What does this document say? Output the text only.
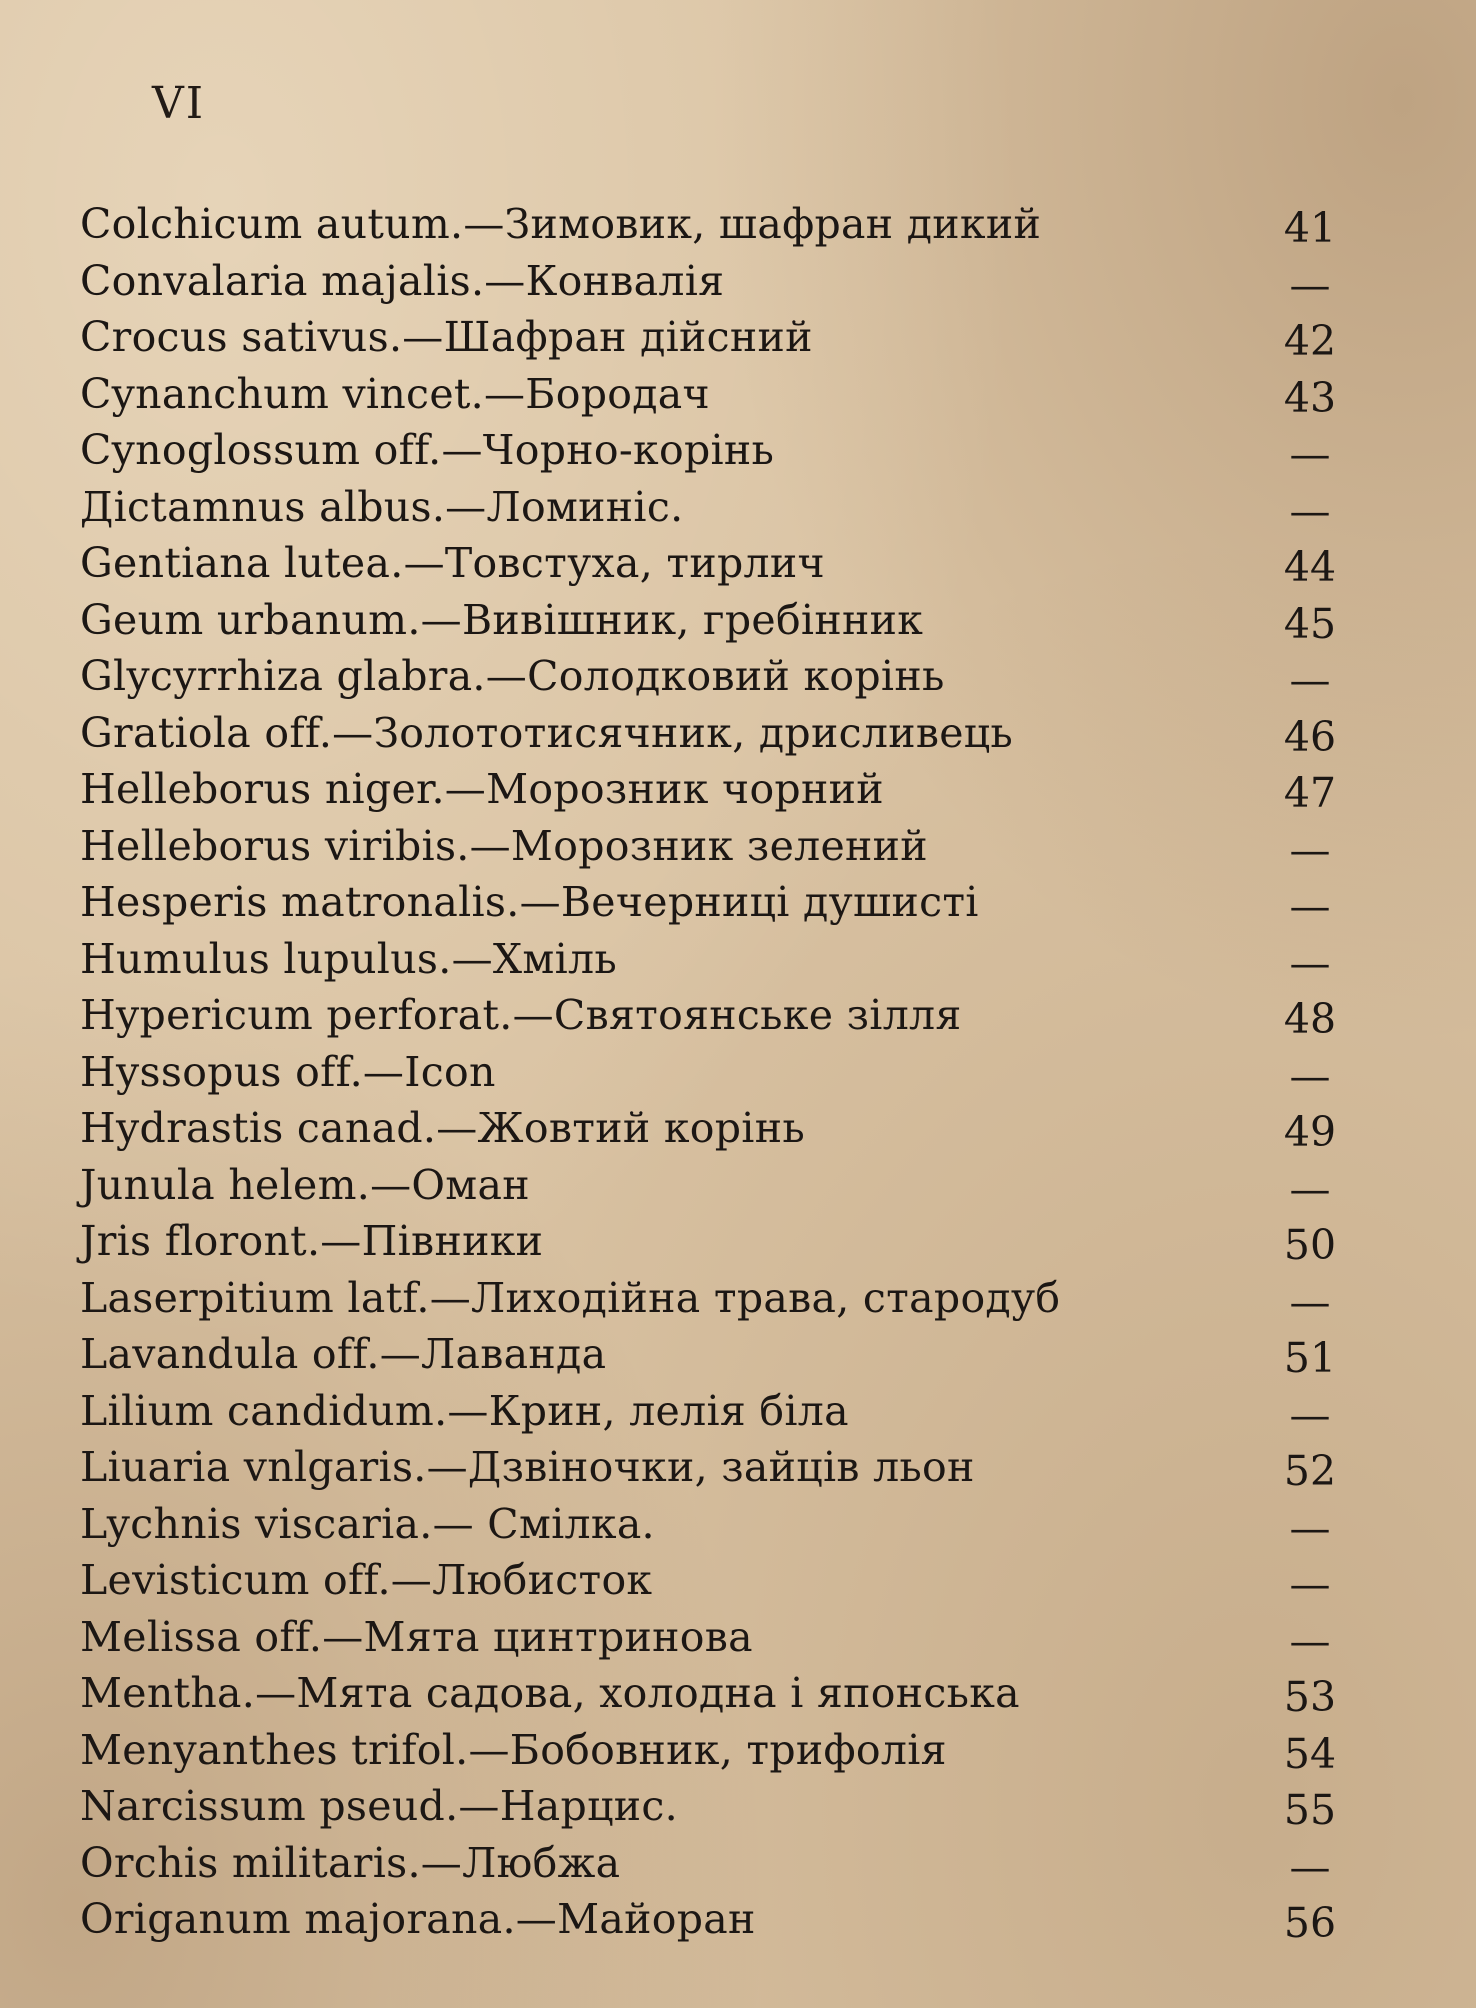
VI
Colchicum autum.—Зимовик, шафран дикий	41
Convalaria majalis.—Конвалія	—
Crocus sativus.—Шафран дійсний	42
Cynanchum vincet.—Бородач	43
Cynoglossum off.—Чорно-корінь	—
Дictamnus albus.—Ломиніс.	—
Gentiana lutea.—Товстуха, тирлич	44
Geum urbanum.—Вивішник, гребінник	45
Glycyrrhiza glabra.—Солодковий корінь	—
Gratiola off.—Золототисячник, дрисливець	46
Helleborus niger.—Морозник чорний	47
Helleborus viribis.—Морозник зелений	—
Hesperis matronalis.—Вечерниці душисті	—
Humulus lupulus.—Хміль	—
Hypericum perforat.—Святоянське зілля	48
Hyssopus off.—Icon	—
Hydrastis canad.—Жовтий корінь	49
Junula helem.—Оман	—
Jris floront.—Півники	50
Laserpitium latf.—Лиходійна трава, стародуб	—
Lavandula off.—Лаванда	51
Lilium candidum.—Крин, лелія біла	—
Liuaria vnlgaris.—Дзвіночки, зайців льон	52
Lychnis viscaria.— Смілка.	—
Levisticum off.—Любисток	—
Melissa off.—Мята цинтринова	—
Mentha.—Мята садова, холодна і японська	53
Menyanthes trifol.—Бобовник, трифолія	54
Narcissum pseud.—Нарцис.	55
Orchis militaris.—Любжа	—
Origanum majorana.—Майоран	56
